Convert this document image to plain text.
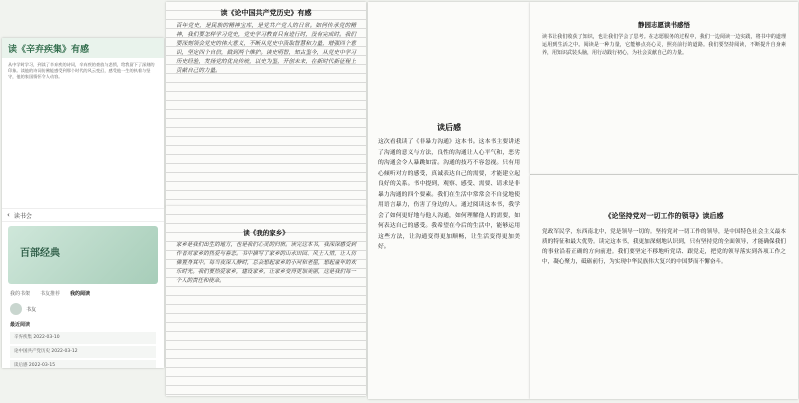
读《辛弃疾集》有感
从中学时学习，到读了辛弃疾的诗词，辛弃疾的豪放与悲愤，给我留下了深刻的印象。读他的诗词仿佛能感受到那个时代的风云变幻，感受他一生的执着与坚守，他的家国情怀令人动容。
‹ 读书会
百部经典
我的书架 书友推荐 我的阅读
书友
最近阅读
辛弃疾集 2022-03-10
论中国共产党历史 2022-03-12
读后感 2022-03-15
读《论中国共产党历史》有感
百年党史，是民族的精神宝库，是党共产党人的日常。如何传承党的精神，我们要怎样学习党史，党史学习教育只有进行时，没有完成时。我们要深刻领会党史的伟大意义，不断从党史中汲取智慧和力量，增强四个意识，坚定四个自信，做到两个维护。读史明智，知古鉴今，从党史中学习历史经验，发扬党的优良传统，以史为鉴，开创未来，在新时代新征程上贡献自己的力量。
读《我的家乡》
家乡是我们出生的地方，也是我们心灵的归宿。读完这本书，我深深感受到作者对家乡的热爱与眷恋。书中描写了家乡的山水田园、风土人情，让人仿佛置身其中。每当夜深人静时，总会想起家乡的小河和老屋，想起童年的欢乐时光。我们要热爱家乡，建设家乡，让家乡变得更加美丽，这是我们每一个人的责任和使命。
读后感
这次看我读了《非暴力沟通》这本书。这本书主要讲述了沟通的意义与方法，良性的沟通让人心平气和，恶劣的沟通会令人暴跳如雷。沟通的技巧不容忽视。只有用心倾听对方的感受，真诚表达自己的需要，才能建立起良好的关系。书中提到，观察、感受、需要、请求是非暴力沟通的四个要素。我们在生活中常常会不自觉地使用语言暴力，伤害了身边的人。通过阅读这本书，我学会了如何更好地与他人沟通，如何理解他人的需要，如何表达自己的感受。我希望在今后的生活中，能够运用这些方法，让沟通变得更加顺畅，让生活变得更加美好。
静园志愿读书感悟
读书让我们收获了知识，也让我们学会了思考。在志愿服务的过程中，我们一边阅读一边实践，将书中的道理运用到生活之中。阅读是一种力量，它能够点亮心灵，照亮前行的道路。我们要坚持阅读，不断提升自身素养，用知识武装头脑，用行动践行初心，为社会贡献自己的力量。
《论坚持党对一切工作的领导》读后感
党政军民学，东西南北中，党是领导一切的。坚持党对一切工作的领导，是中国特色社会主义最本质的特征和最大优势。读完这本书，我更加深刻地认识到，只有坚持党的全面领导，才能确保我们的事业沿着正确的方向前进。我们要坚定不移地听党话、跟党走，把党的领导落实到各项工作之中，凝心聚力，砥砺前行，为实现中华民族伟大复兴的中国梦而不懈奋斗。
